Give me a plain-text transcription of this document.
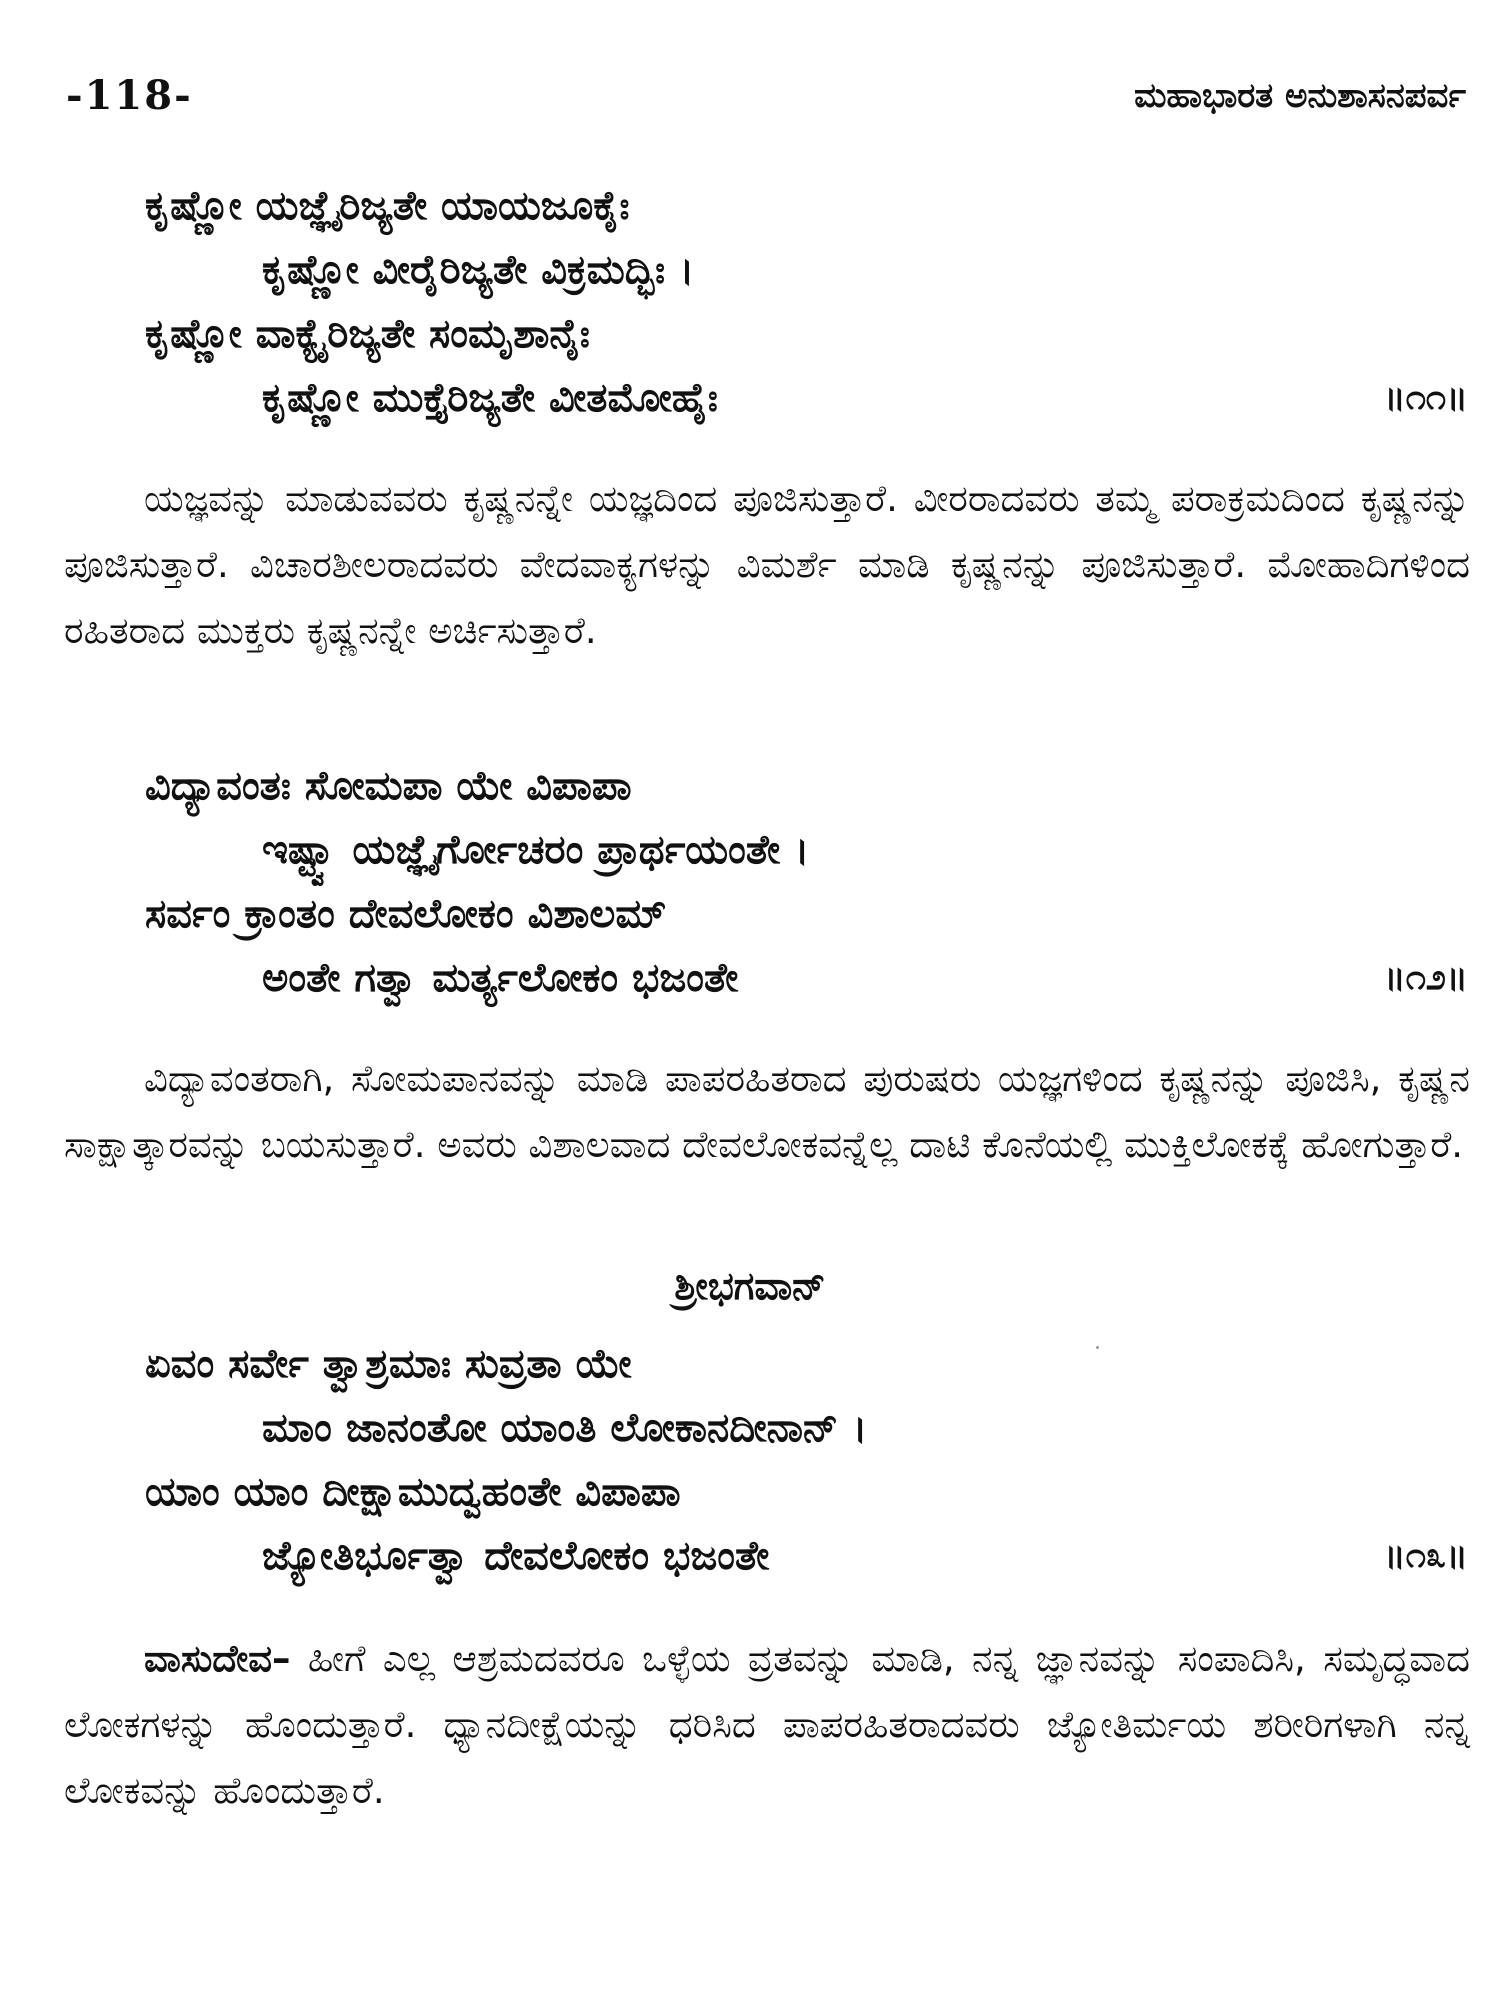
-118-	ಮಹಾಭಾರತ ಅನುಶಾಸನಪರ್ವ
ಕೃಷ್ಣೋ ಯಜ್ಞೈರಿಜ್ಯತೇ ಯಾಯಜೂಕೈಃ
ಕೃಷ್ಣೋ ವೀರೈರಿಜ್ಯತೇ ವಿಕ್ರಮದ್ಭಿಃ ।
ಕೃಷ್ಣೋ ವಾಕ್ಯೈರಿಜ್ಯತೇ ಸಂಮೃಶಾನೈಃ
ಕೃಷ್ಣೋ ಮುಕ್ತೈರಿಜ್ಯತೇ ವೀತಮೋಹೈಃ	॥೧೧॥
ಯಜ್ಞವನ್ನು ಮಾಡುವವರು ಕೃಷ್ಣನನ್ನೇ ಯಜ್ಞದಿಂದ ಪೂಜಿಸುತ್ತಾರೆ. ವೀರರಾದವರು ತಮ್ಮ ಪರಾಕ್ರಮದಿಂದ ಕೃಷ್ಣನನ್ನು ಪೂಜಿಸುತ್ತಾರೆ. ವಿಚಾರಶೀಲರಾದವರು ವೇದವಾಕ್ಯಗಳನ್ನು ವಿಮರ್ಶೆ ಮಾಡಿ ಕೃಷ್ಣನನ್ನು ಪೂಜಿಸುತ್ತಾರೆ. ಮೋಹಾದಿಗಳಿಂದ ರಹಿತರಾದ ಮುಕ್ತರು ಕೃಷ್ಣನನ್ನೇ ಅರ್ಚಿಸುತ್ತಾರೆ.
ವಿದ್ಯಾವಂತಃ ಸೋಮಪಾ ಯೇ ವಿಪಾಪಾ
ಇಷ್ಟ್ವಾ ಯಜ್ಞೈರ್ಗೋಚರಂ ಪ್ರಾರ್ಥಯಂತೇ ।
ಸರ್ವಂ ಕ್ರಾಂತಂ ದೇವಲೋಕಂ ವಿಶಾಲಮ್
ಅಂತೇ ಗತ್ವಾ ಮರ್ತ್ಯಲೋಕಂ ಭಜಂತೇ	॥೧೨॥
ವಿದ್ಯಾವಂತರಾಗಿ, ಸೋಮಪಾನವನ್ನು ಮಾಡಿ ಪಾಪರಹಿತರಾದ ಪುರುಷರು ಯಜ್ಞಗಳಿಂದ ಕೃಷ್ಣನನ್ನು ಪೂಜಿಸಿ, ಕೃಷ್ಣನ ಸಾಕ್ಷಾತ್ಕಾರವನ್ನು ಬಯಸುತ್ತಾರೆ. ಅವರು ವಿಶಾಲವಾದ ದೇವಲೋಕವನ್ನೆಲ್ಲ ದಾಟಿ ಕೊನೆಯಲ್ಲಿ ಮುಕ್ತಿಲೋಕಕ್ಕೆ ಹೋಗುತ್ತಾರೆ.
ಶ್ರೀಭಗವಾನ್
ಏವಂ ಸರ್ವೇ ತ್ವಾಶ್ರಮಾಃ ಸುವ್ರತಾ ಯೇ
ಮಾಂ ಜಾನಂತೋ ಯಾಂತಿ ಲೋಕಾನದೀನಾನ್ ।
ಯಾಂ ಯಾಂ ದೀಕ್ಷಾಮುದ್ವಹಂತೇ ವಿಪಾಪಾ
ಜ್ಯೋತಿರ್ಭೂತ್ವಾ ದೇವಲೋಕಂ ಭಜಂತೇ	॥೧೩॥
ವಾಸುದೇವ– ಹೀಗೆ ಎಲ್ಲ ಆಶ್ರಮದವರೂ ಒಳ್ಳೆಯ ವ್ರತವನ್ನು ಮಾಡಿ, ನನ್ನ ಜ್ಞಾನವನ್ನು ಸಂಪಾದಿಸಿ, ಸಮೃದ್ಧವಾದ ಲೋಕಗಳನ್ನು ಹೊಂದುತ್ತಾರೆ. ಧ್ಯಾನದೀಕ್ಷೆಯನ್ನು ಧರಿಸಿದ ಪಾಪರಹಿತರಾದವರು ಜ್ಯೋತಿರ್ಮಯ ಶರೀರಿಗಳಾಗಿ ನನ್ನ ಲೋಕವನ್ನು ಹೊಂದುತ್ತಾರೆ.
